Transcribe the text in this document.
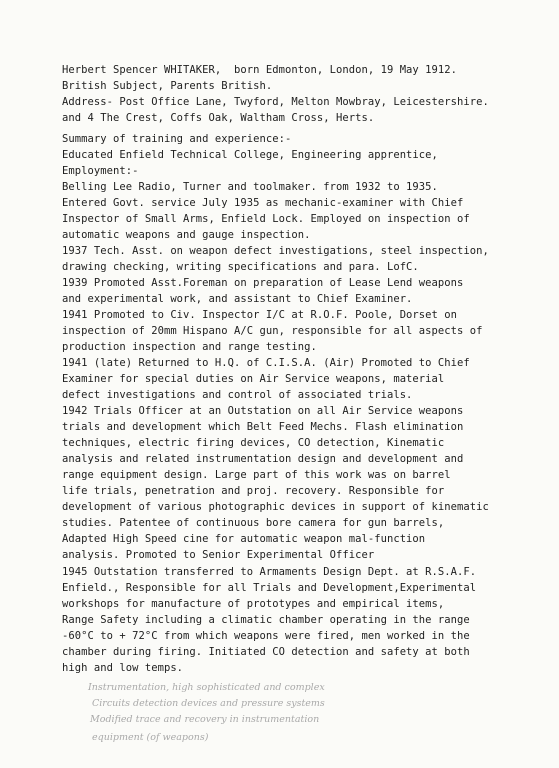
Herbert Spencer WHITAKER,  born Edmonton, London, 19 May 1912.
British Subject, Parents British.
Address- Post Office Lane, Twyford, Melton Mowbray, Leicestershire.
and 4 The Crest, Coffs Oak, Waltham Cross, Herts.
Summary of training and experience:-
Educated Enfield Technical College, Engineering apprentice,
Employment:-
Belling Lee Radio, Turner and toolmaker. from 1932 to 1935.
Entered Govt. service July 1935 as mechanic-examiner with Chief
Inspector of Small Arms, Enfield Lock. Employed on inspection of
automatic weapons and gauge inspection.
1937 Tech. Asst. on weapon defect investigations, steel inspection,
drawing checking, writing specifications and para. LofC.
1939 Promoted Asst.Foreman on preparation of Lease Lend weapons
and experimental work, and assistant to Chief Examiner.
1941 Promoted to Civ. Inspector I/C at R.O.F. Poole, Dorset on
inspection of 20mm Hispano A/C gun, responsible for all aspects of
production inspection and range testing.
1941 (late) Returned to H.Q. of C.I.S.A. (Air) Promoted to Chief
Examiner for special duties on Air Service weapons, material
defect investigations and control of associated trials.
1942 Trials Officer at an Outstation on all Air Service weapons
trials and development which Belt Feed Mechs. Flash elimination
techniques, electric firing devices, CO detection, Kinematic
analysis and related instrumentation design and development and
range equipment design. Large part of this work was on barrel
life trials, penetration and proj. recovery. Responsible for
development of various photographic devices in support of kinematic
studies. Patentee of continuous bore camera for gun barrels,
Adapted High Speed cine for automatic weapon mal-function
analysis. Promoted to Senior Experimental Officer
1945 Outstation transferred to Armaments Design Dept. at R.S.A.F.
Enfield., Responsible for all Trials and Development,Experimental
workshops for manufacture of prototypes and empirical items,
Range Safety including a climatic chamber operating in the range
-60°C to + 72°C from which weapons were fired, men worked in the
chamber during firing. Initiated CO detection and safety at both
high and low temps.
Instrumentation, high sophisticated and complex
Circuits detection devices and pressure systems
Modified trace and recovery in instrumentation
equipment (of weapons)
